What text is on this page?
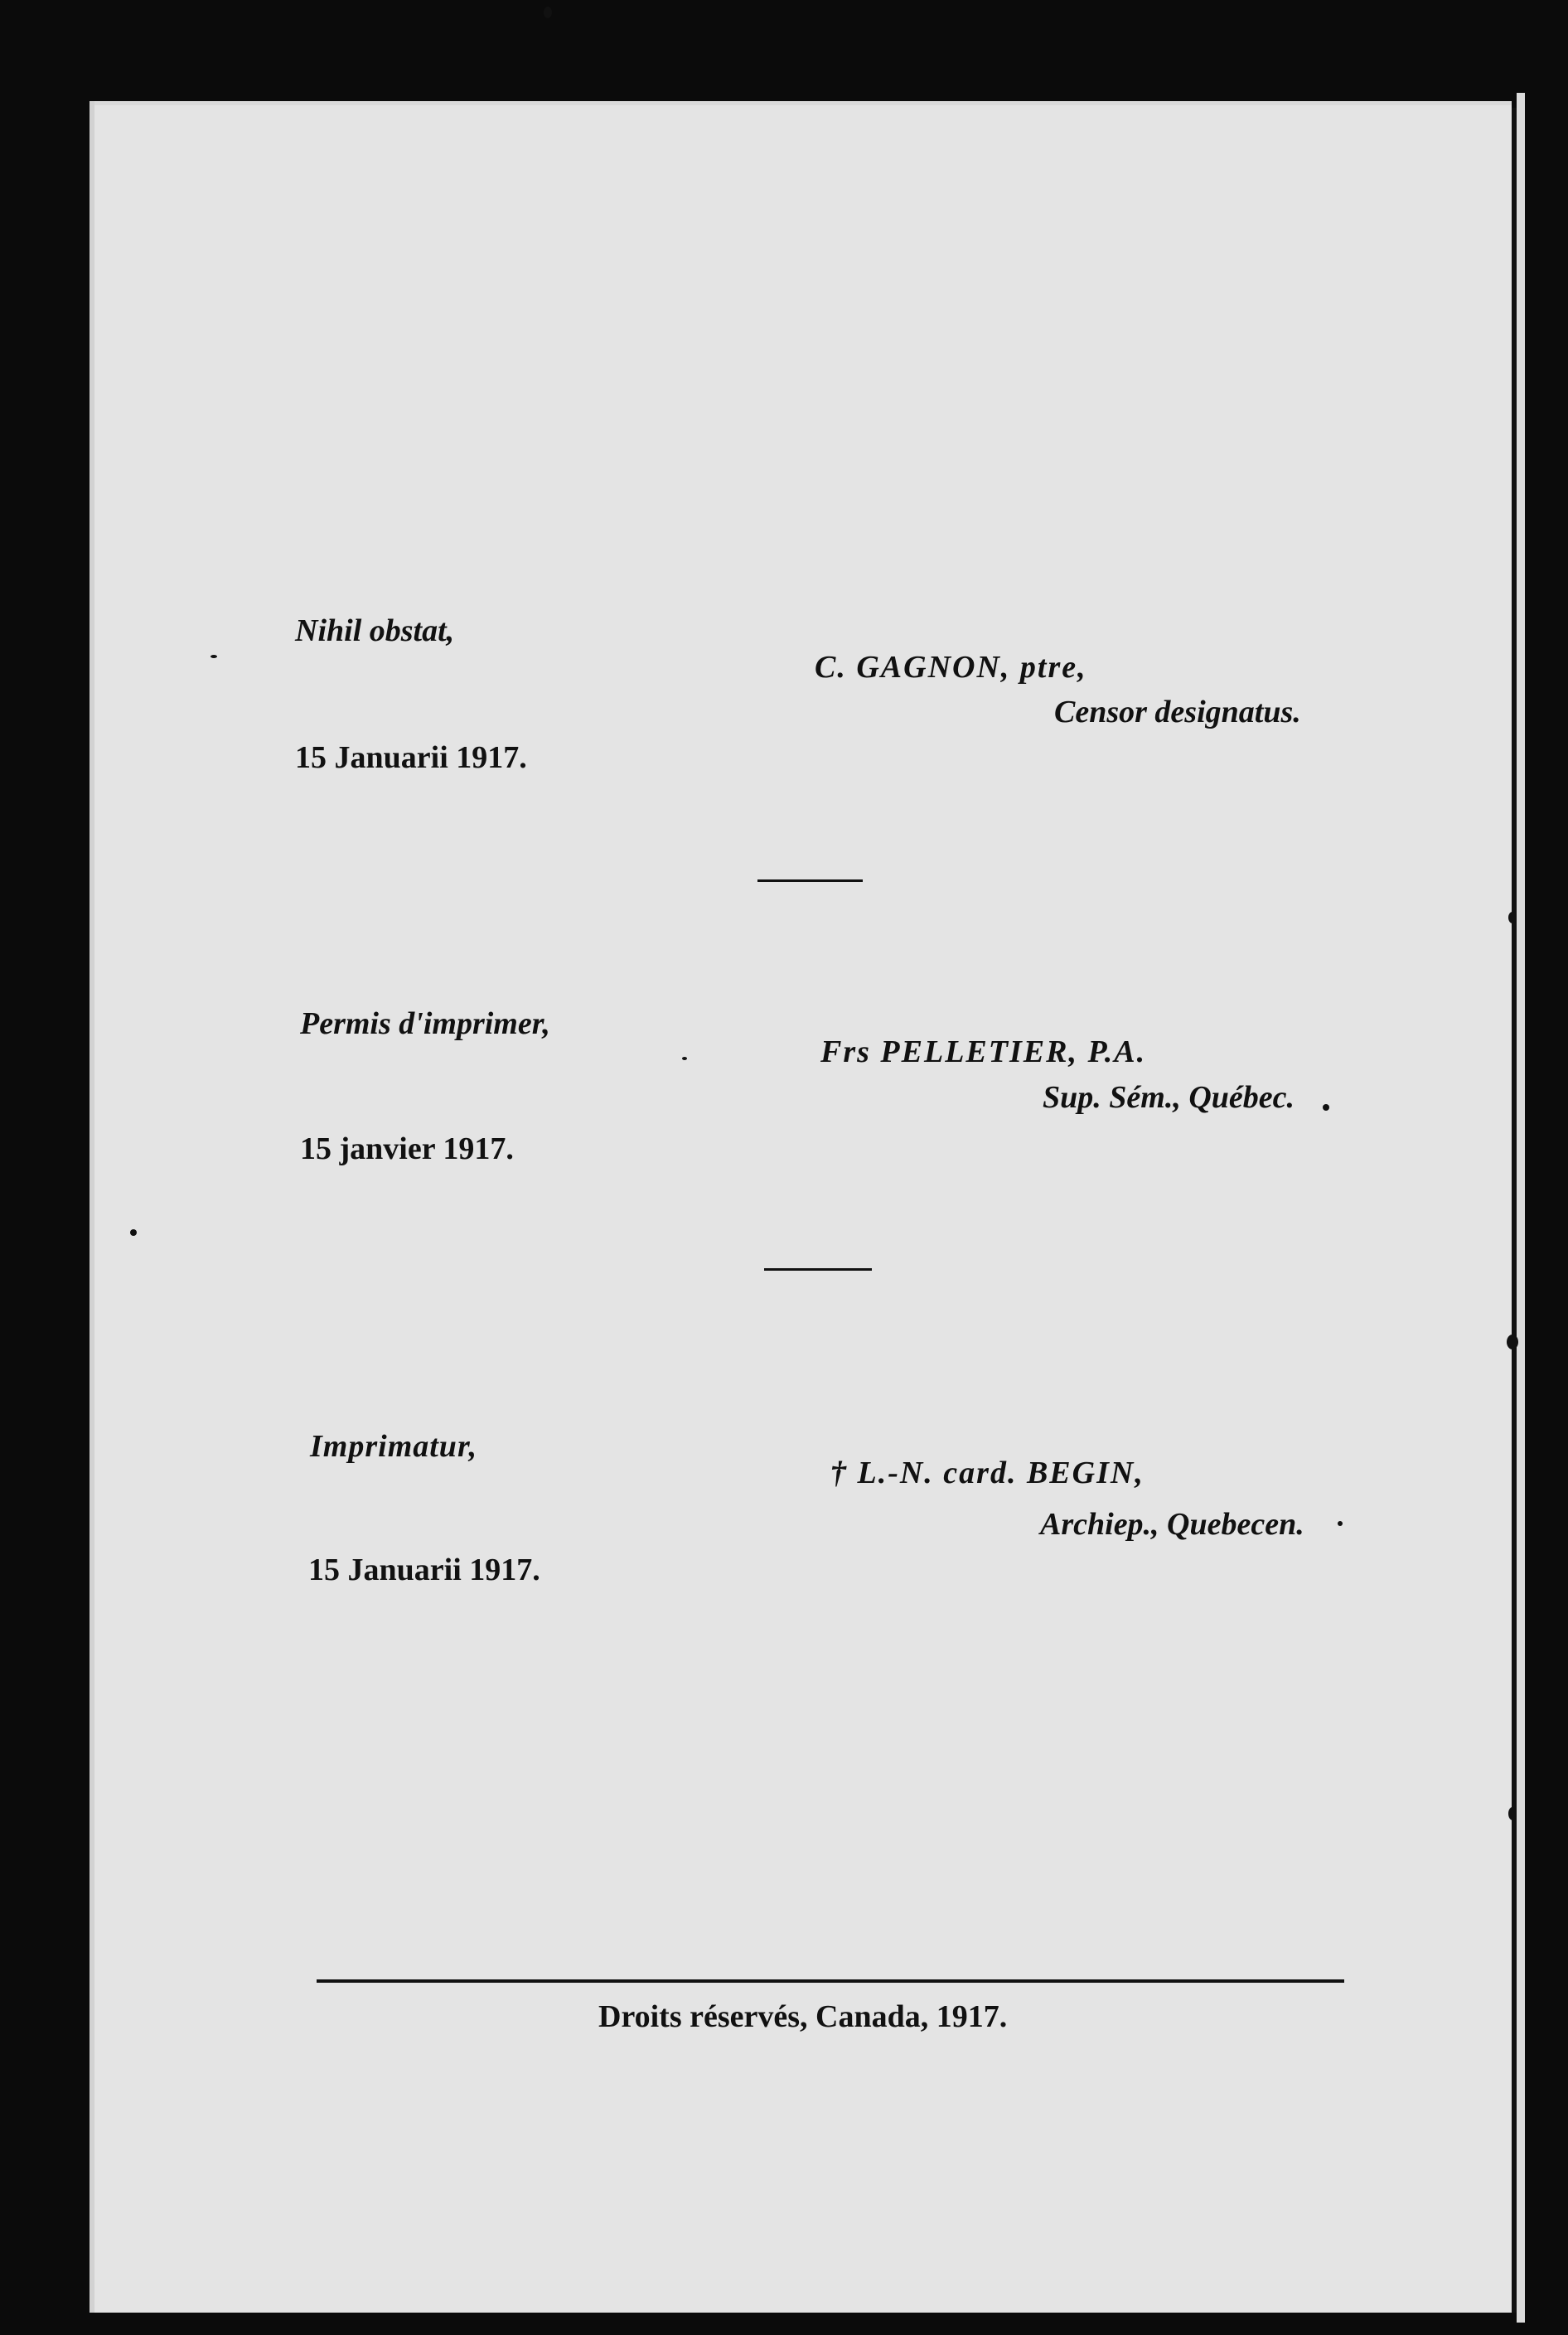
Nihil obstat,
C. GAGNON, ptre,
Censor designatus.
15 Januarii 1917.
Permis d'imprimer,
Frs PELLETIER, P.A.
Sup. Sém., Québec.
15 janvier 1917.
Imprimatur,
† L.-N. card. BEGIN,
Archiep., Quebecen.
15 Januarii 1917.
Droits réservés, Canada, 1917.
